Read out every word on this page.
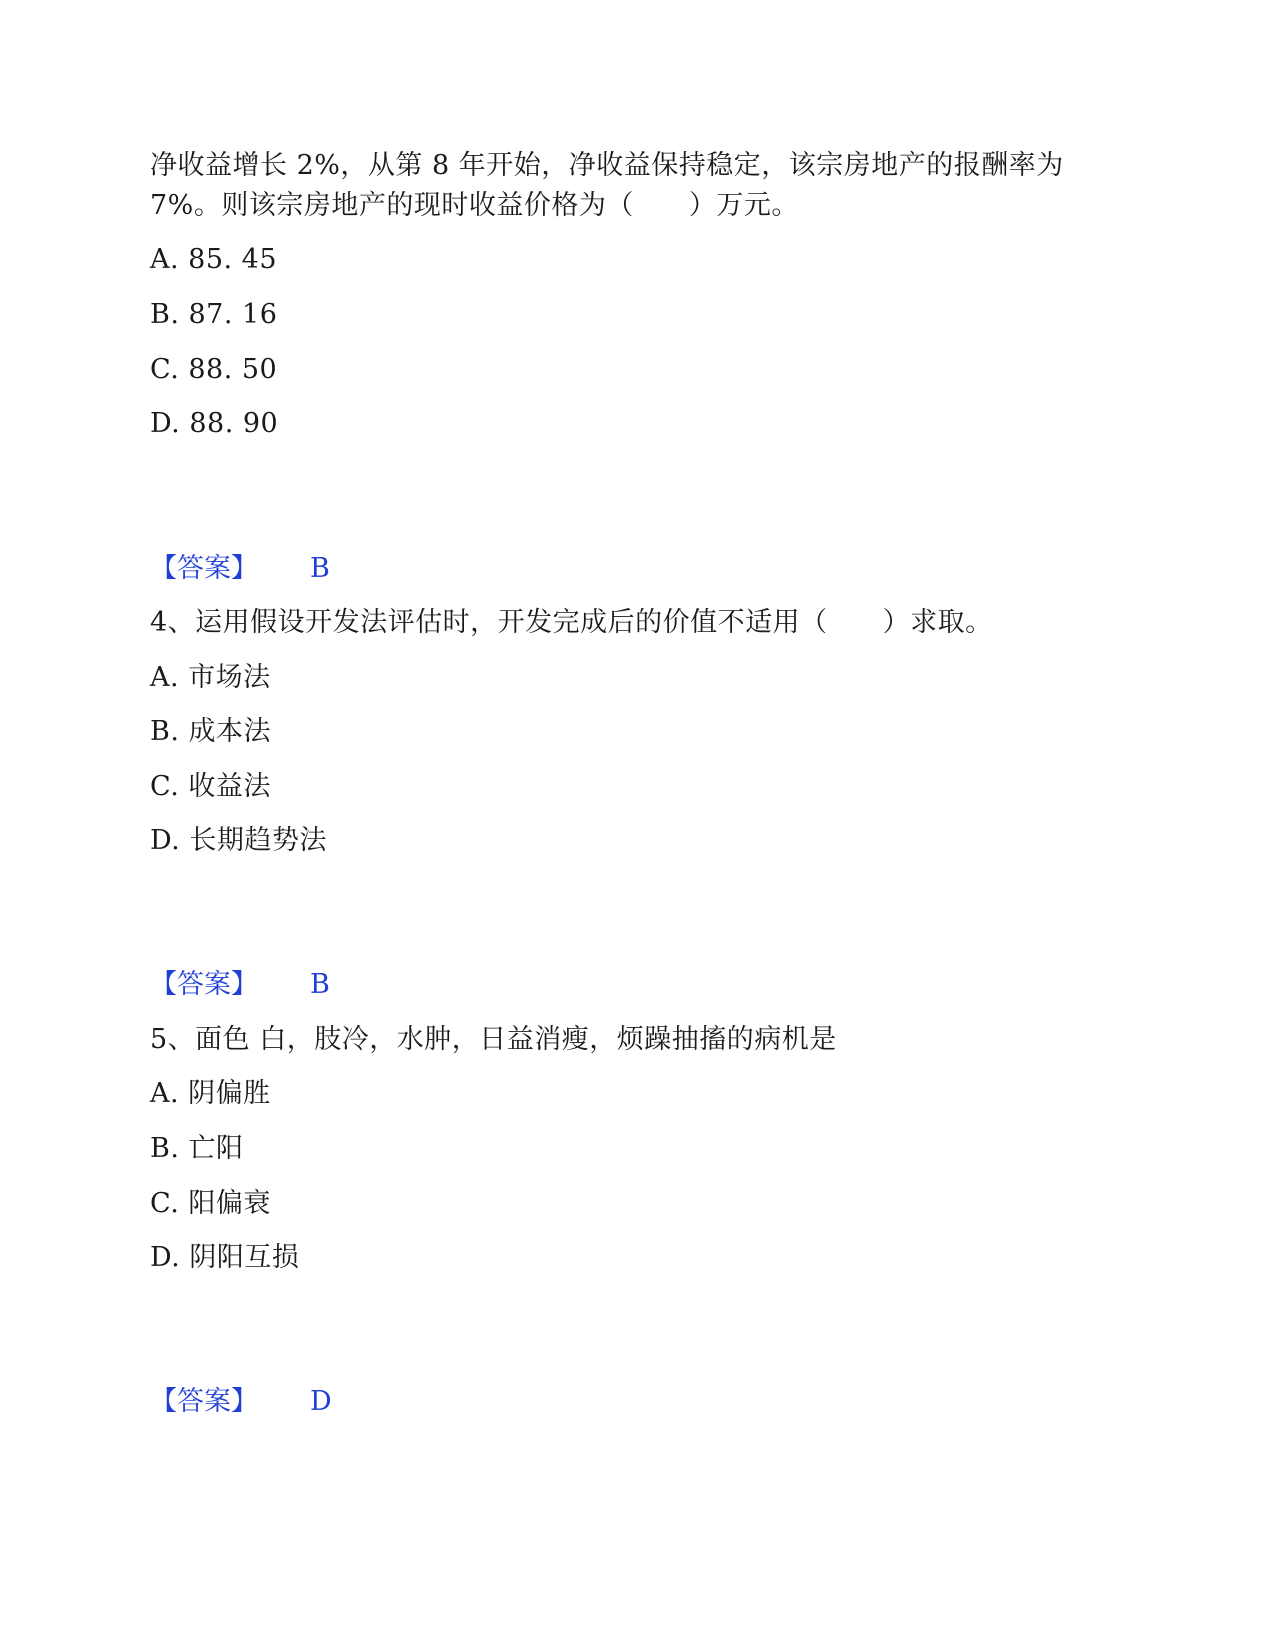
净收益增长 2%，从第 8 年开始，净收益保持稳定，该宗房地产的报酬率为
7%。则该宗房地产的现时收益价格为（　　）万元。
A. 85. 45
B. 87. 16
C. 88. 50
D. 88. 90
【答案】 B
4、运用假设开发法评估时，开发完成后的价值不适用（　　）求取。
A. 市场法
B. 成本法
C. 收益法
D. 长期趋势法
【答案】 B
5、面色 白，肢冷，水肿，日益消瘦，烦躁抽搐的病机是
A. 阴偏胜
B. 亡阳
C. 阳偏衰
D. 阴阳互损
【答案】 D
